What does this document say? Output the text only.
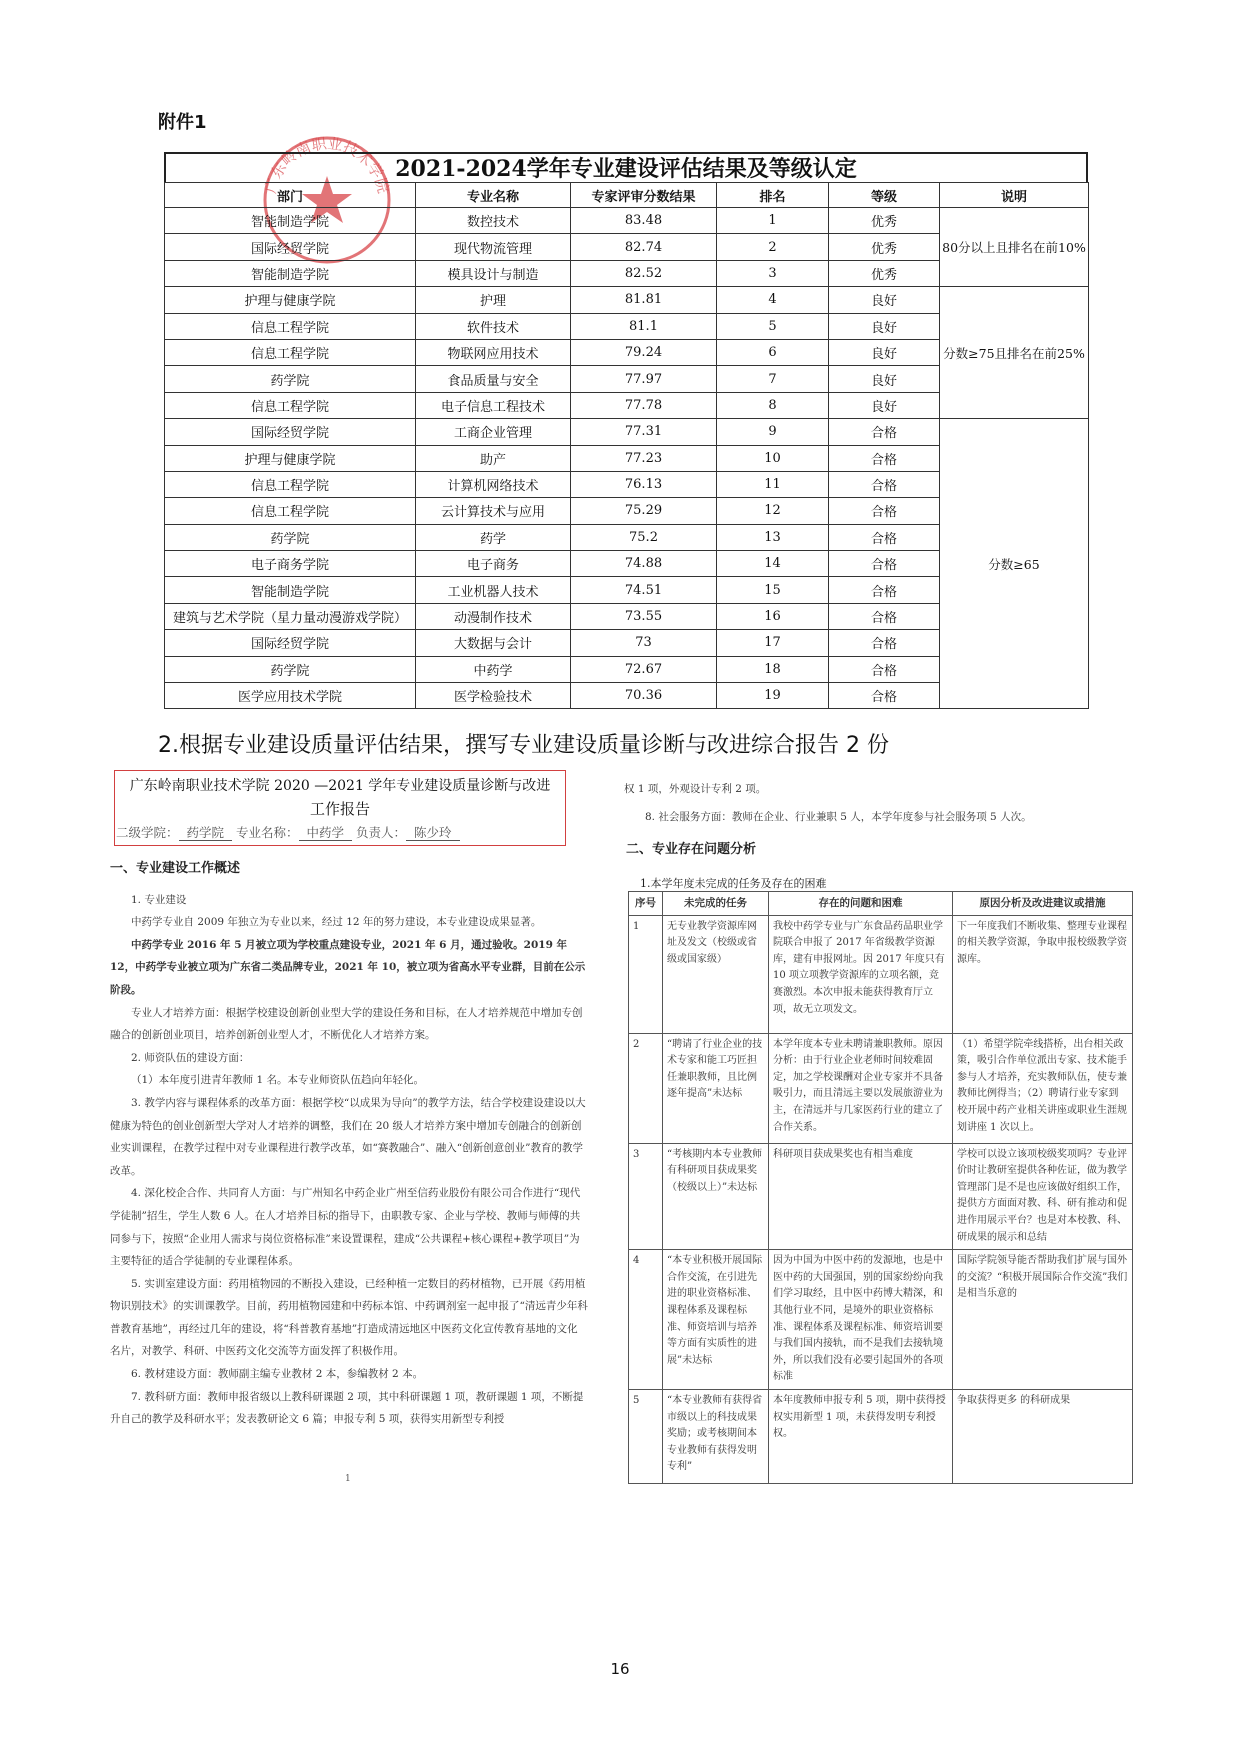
附件1
广东岭南职业技术学院
2021-2024学年专业建设评估结果及等级认定
部门	专业名称	专家评审分数结果	排名	等级	说明
智能制造学院	数控技术	83.48	1	优秀	80分以上且排名在前10%
国际经贸学院	现代物流管理	82.74	2	优秀	
智能制造学院	模具设计与制造	82.52	3	优秀	
护理与健康学院	护理	81.81	4	良好	分数≥75且排名在前25%
信息工程学院	软件技术	81.1	5	良好	
信息工程学院	物联网应用技术	79.24	6	良好	
药学院	食品质量与安全	77.97	7	良好	
信息工程学院	电子信息工程技术	77.78	8	良好	
国际经贸学院	工商企业管理	77.31	9	合格	分数≥65
护理与健康学院	助产	77.23	10	合格	
信息工程学院	计算机网络技术	76.13	11	合格	
信息工程学院	云计算技术与应用	75.29	12	合格	
药学院	药学	75.2	13	合格	
电子商务学院	电子商务	74.88	14	合格	
智能制造学院	工业机器人技术	74.51	15	合格	
建筑与艺术学院（星力量动漫游戏学院）	动漫制作技术	73.55	16	合格	
国际经贸学院	大数据与会计	73	17	合格	
药学院	中药学	72.67	18	合格	
医学应用技术学院	医学检验技术	70.36	19	合格	
2.根据专业建设质量评估结果，撰写专业建设质量诊断与改进综合报告 2 份
广东岭南职业技术学院 2020 —2021 学年专业建设质量诊断与改进
工作报告
二级学院： 药学院 专业名称： 中药学 负责人： 陈少玲

一、专业建设工作概述

1. 专业建设

中药学专业自 2009 年独立为专业以来，经过 12 年的努力建设，本专业建设成果显著。

中药学专业 2016 年 5 月被立项为学校重点建设专业，2021 年 6 月，通过验收。2019 年 12，中药学专业被立项为广东省二类品牌专业，2021 年 10，被立项为省高水平专业群，目前在公示阶段。

专业人才培养方面：根据学校建设创新创业型大学的建设任务和目标，在人才培养规范中增加专创融合的创新创业项目，培养创新创业型人才，不断优化人才培养方案。

2. 师资队伍的建设方面：

（1）本年度引进青年教师 1 名。本专业师资队伍趋向年轻化。

3. 教学内容与课程体系的改革方面：根据学校“以成果为导向”的教学方法，结合学校建设建设以大健康为特色的创业创新型大学对人才培养的调整，我们在 20 级人才培养方案中增加专创融合的创新创业实训课程，在教学过程中对专业课程进行教学改革，如“赛教融合”、融入“创新创意创业”教育的教学改革。

4. 深化校企合作、共同育人方面：与广州知名中药企业广州至信药业股份有限公司合作进行“现代学徒制”招生，学生人数 6 人。在人才培养目标的指导下，由职教专家、企业与学校、教师与师傅的共同参与下，按照“企业用人需求与岗位资格标准”来设置课程，建成“公共课程+核心课程+教学项目”为主要特征的适合学徒制的专业课程体系。

5. 实训室建设方面：药用植物园的不断投入建设，已经种植一定数目的药材植物，已开展《药用植物识别技术》的实训课教学。目前，药用植物园建和中药标本馆、中药调剂室一起申报了“清远青少年科普教育基地”，再经过几年的建设，将“科普教育基地”打造成清远地区中医药文化宣传教育基地的文化名片，对教学、科研、中医药文化交流等方面发挥了积极作用。

6. 教材建设方面：教师副主编专业教材 2 本，参编教材 2 本。

7. 教科研方面：教师申报省级以上教科研课题 2 项，其中科研课题 1 项，教研课题 1 项，不断提升自己的教学及科研水平；发表教研论文 6 篇；申报专利 5 项，获得实用新型专利授

1

权 1 项，外观设计专利 2 项。

8. 社会服务方面：教师在企业、行业兼职 5 人，本学年度参与社会服务项 5 人次。

二、专业存在问题分析
1.本学年度未完成的任务及存在的困难
序号	未完成的任务	存在的问题和困难	原因分析及改进建议或措施
1	无专业教学资源库网址及发文（校级或省级或国家级）	我校中药学专业与广东食品药品职业学院联合申报了 2017 年省级教学资源库，建有申报网址。因 2017 年度只有 10 项立项教学资源库的立项名额，竞赛激烈。本次申报未能获得教育厅立项，故无立项发文。	下一年度我们不断收集、整理专业课程的相关教学资源，争取申报校级教学资源库。
2	“聘请了行业企业的技术专家和能工巧匠担任兼职教师，且比例逐年提高”未达标	本学年度本专业未聘请兼职教师。原因分析：由于行业企业老师时间较难固定，加之学校课酬对企业专家并不具备吸引力，而且清远主要以发展旅游业为主，在清远并与几家医药行业的建立了合作关系。	（1）希望学院牵线搭桥，出台相关政策，吸引合作单位派出专家、技术能手参与人才培养，充实教师队伍，使专兼教师比例得当；（2）聘请行业专家到校开展中药产业相关讲座或职业生涯规划讲座 1 次以上。
3	“考核期内本专业教师有科研项目获成果奖（校级以上）”未达标	科研项目获成果奖也有相当难度	学校可以设立该项校级奖项吗？专业评价时让教研室提供各种佐证，做为教学管理部门是不是也应该做好组织工作，提供方方面面对教、科、研有推动和促进作用展示平台？也是对本校教、科、研成果的展示和总结
4	“本专业积极开展国际合作交流，在引进先进的职业资格标准、课程体系及课程标准、师资培训与培养等方面有实质性的进展”未达标	因为中国为中医中药的发源地，也是中医中药的大国强国，别的国家纷纷向我们学习取经，且中医中药博大精深，和其他行业不同，是境外的职业资格标准、课程体系及课程标准、师资培训要与我们国内接轨，而不是我们去接轨境外，所以我们没有必要引起国外的各项标准	国际学院领导能否帮助我们扩展与国外的交流？“积极开展国际合作交流”我们是相当乐意的
5	“本专业教师有获得省市级以上的科技成果奖励；或考核期间本专业教师有获得发明专利”	本年度教师申报专利 5 项，期中获得授权实用新型 1 项，未获得发明专利授权。	争取获得更多 的科研成果
16
